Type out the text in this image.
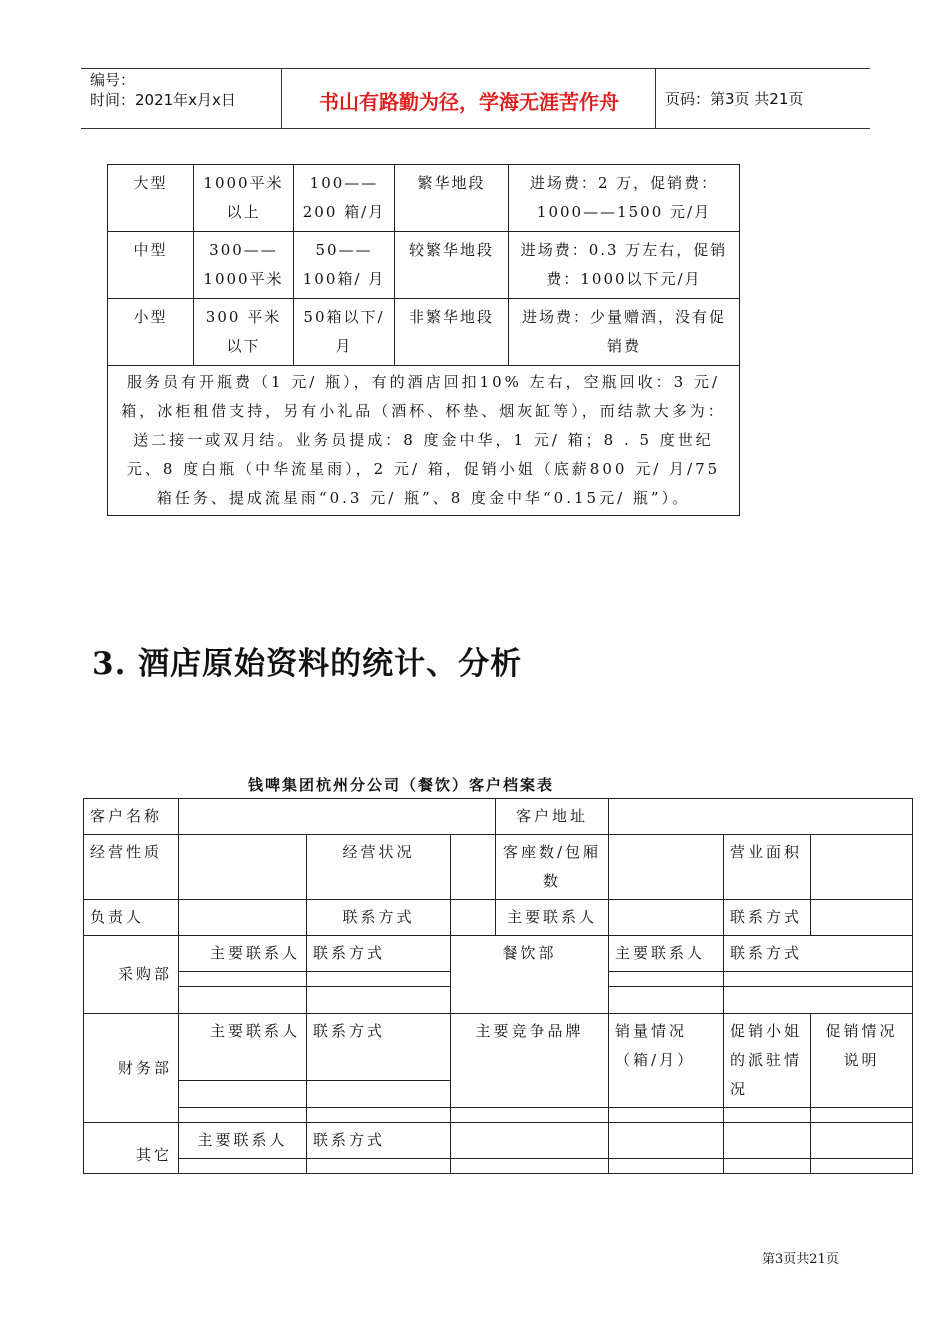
编号：
时间：2021年x月x日	书山有路勤为径，学海无涯苦作舟	页码：第3页 共21页
大型	1000平米以上	100——200 箱/月	繁华地段	进场费：2 万，促销费：1000——1500 元/月
中型	300——1000平米	50——100箱/ 月	较繁华地段	进场费：0.3 万左右，促销费：1000以下元/月
小型	300 平米以下	50箱以下/ 月	非繁华地段	进场费：少量赠酒，没有促销费
服务员有开瓶费（1 元/ 瓶），有的酒店回扣10% 左右，空瓶回收：3 元/ 箱，冰柜租借支持，另有小礼品（酒杯、杯垫、烟灰缸等），而结款大多为：送二接一或双月结。业务员提成：8 度金中华，1 元/ 箱；8 . 5 度世纪元、8 度白瓶（中华流星雨），2 元/ 箱，促销小姐（底薪800 元/ 月/75 箱任务、提成流星雨“0.3 元/ 瓶”、8 度金中华“0.15元/ 瓶”）。				
3. 酒店原始资料的统计、分析
钱啤集团杭州分公司（餐饮）客户档案表
客户名称				客户地址			
经营性质		经营状况		客座数/包厢数		营业面积	
负责人		联系方式		主要联系人		联系方式	
采购部	主要联系人	联系方式	餐饮部		主要联系人	联系方式	

财务部	主要联系人	联系方式	主要竞争品牌		销量情况（箱/月）	促销小姐的派驻情况	促销情况说明

其它	主要联系人	联系方式					

第3页共21页
